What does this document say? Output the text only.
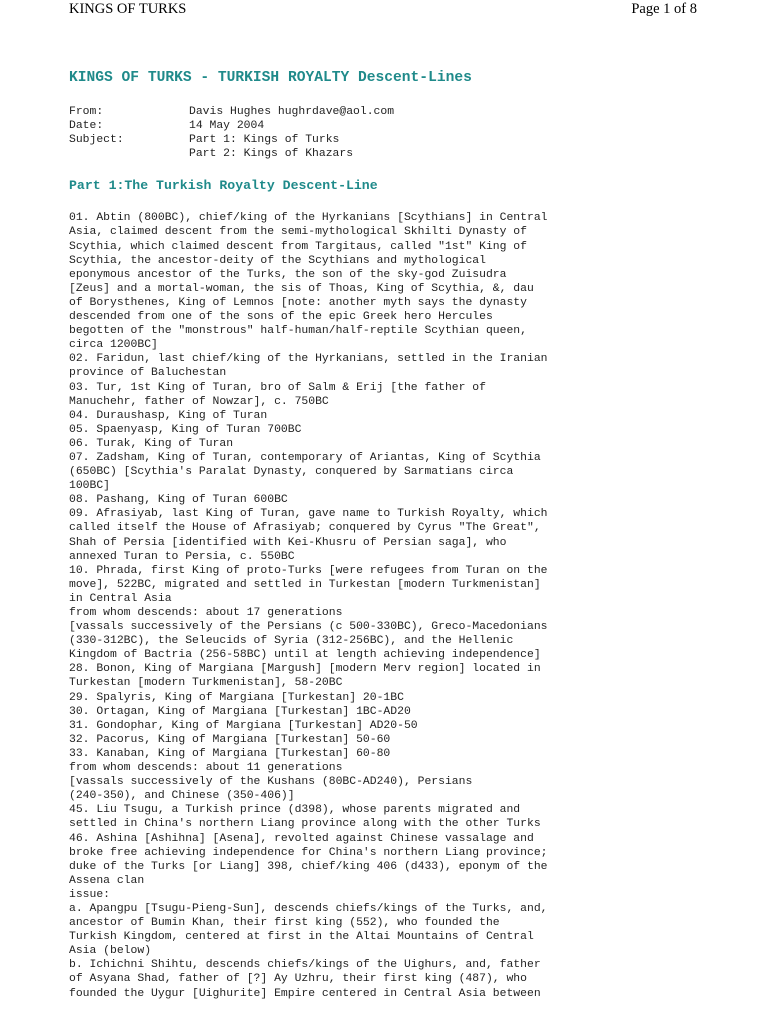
KINGS OF TURKS	Page 1 of 8
KINGS OF TURKS - TURKISH ROYALTY Descent-Lines
From:	Davis Hughes hughrdave@aol.com
Date:	14 May 2004
Subject:	Part 1: Kings of Turks
Part 2: Kings of Khazars
Part 1:The Turkish Royalty Descent-Line
01. Abtin (800BC), chief/king of the Hyrkanians [Scythians] in Central
Asia, claimed descent from the semi-mythological Skhilti Dynasty of
Scythia, which claimed descent from Targitaus, called "1st" King of
Scythia, the ancestor-deity of the Scythians and mythological
eponymous ancestor of the Turks, the son of the sky-god Zuisudra
[Zeus] and a mortal-woman, the sis of Thoas, King of Scythia, &, dau
of Borysthenes, King of Lemnos [note: another myth says the dynasty
descended from one of the sons of the epic Greek hero Hercules
begotten of the "monstrous" half-human/half-reptile Scythian queen,
circa 1200BC]
02. Faridun, last chief/king of the Hyrkanians, settled in the Iranian
province of Baluchestan
03. Tur, 1st King of Turan, bro of Salm & Erij [the father of
Manuchehr, father of Nowzar], c. 750BC
04. Duraushasp, King of Turan
05. Spaenyasp, King of Turan 700BC
06. Turak, King of Turan
07. Zadsham, King of Turan, contemporary of Ariantas, King of Scythia
(650BC) [Scythia's Paralat Dynasty, conquered by Sarmatians circa
100BC]
08. Pashang, King of Turan 600BC
09. Afrasiyab, last King of Turan, gave name to Turkish Royalty, which
called itself the House of Afrasiyab; conquered by Cyrus "The Great",
Shah of Persia [identified with Kei-Khusru of Persian saga], who
annexed Turan to Persia, c. 550BC
10. Phrada, first King of proto-Turks [were refugees from Turan on the
move], 522BC, migrated and settled in Turkestan [modern Turkmenistan]
in Central Asia
from whom descends: about 17 generations
[vassals successively of the Persians (c 500-330BC), Greco-Macedonians
(330-312BC), the Seleucids of Syria (312-256BC), and the Hellenic
Kingdom of Bactria (256-58BC) until at length achieving independence]
28. Bonon, King of Margiana [Margush] [modern Merv region] located in
Turkestan [modern Turkmenistan], 58-20BC
29. Spalyris, King of Margiana [Turkestan] 20-1BC
30. Ortagan, King of Margiana [Turkestan] 1BC-AD20
31. Gondophar, King of Margiana [Turkestan] AD20-50
32. Pacorus, King of Margiana [Turkestan] 50-60
33. Kanaban, King of Margiana [Turkestan] 60-80
from whom descends: about 11 generations
[vassals successively of the Kushans (80BC-AD240), Persians
(240-350), and Chinese (350-406)]
45. Liu Tsugu, a Turkish prince (d398), whose parents migrated and
settled in China's northern Liang province along with the other Turks
46. Ashina [Ashihna] [Asena], revolted against Chinese vassalage and
broke free achieving independence for China's northern Liang province;
duke of the Turks [or Liang] 398, chief/king 406 (d433), eponym of the
Assena clan
issue:
a. Apangpu [Tsugu-Pieng-Sun], descends chiefs/kings of the Turks, and,
ancestor of Bumin Khan, their first king (552), who founded the
Turkish Kingdom, centered at first in the Altai Mountains of Central
Asia (below)
b. Ichichni Shihtu, descends chiefs/kings of the Uighurs, and, father
of Asyana Shad, father of [?] Ay Uzhru, their first king (487), who
founded the Uygur [Uighurite] Empire centered in Central Asia between
